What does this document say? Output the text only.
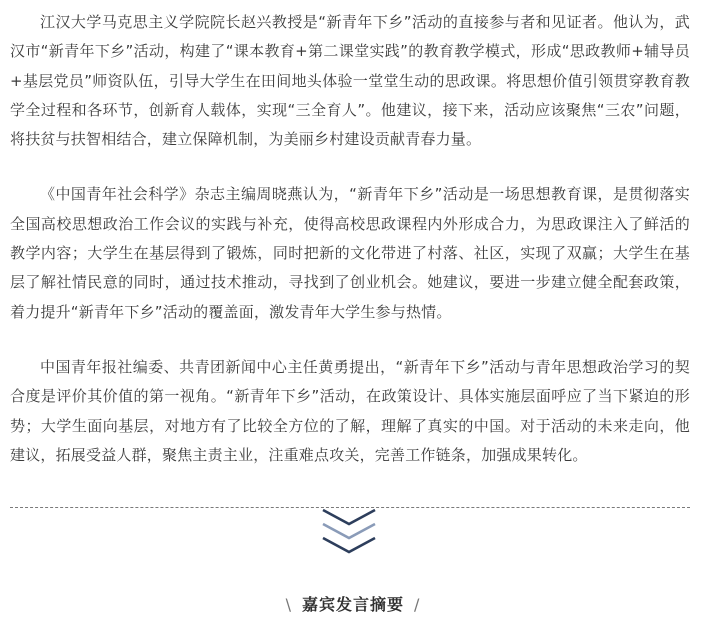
江汉大学马克思主义学院院长赵兴教授是“新青年下乡”活动的直接参与者和见证者。他认为，武汉市“新青年下乡”活动，构建了“课本教育+第二课堂实践”的教育教学模式，形成“思政教师+辅导员+基层党员”师资队伍，引导大学生在田间地头体验一堂堂生动的思政课。将思想价值引领贯穿教育教学全过程和各环节，创新育人载体，实现“三全育人”。他建议，接下来，活动应该聚焦“三农”问题，将扶贫与扶智相结合，建立保障机制，为美丽乡村建设贡献青春力量。

《中国青年社会科学》杂志主编周晓燕认为，“新青年下乡”活动是一场思想教育课，是贯彻落实全国高校思想政治工作会议的实践与补充，使得高校思政课程内外形成合力，为思政课注入了鲜活的教学内容；大学生在基层得到了锻炼，同时把新的文化带进了村落、社区，实现了双赢；大学生在基层了解社情民意的同时，通过技术推动，寻找到了创业机会。她建议，要进一步建立健全配套政策，着力提升“新青年下乡”活动的覆盖面，激发青年大学生参与热情。

中国青年报社编委、共青团新闻中心主任黄勇提出，“新青年下乡”活动与青年思想政治学习的契合度是评价其价值的第一视角。“新青年下乡”活动，在政策设计、具体实施层面呼应了当下紧迫的形势；大学生面向基层，对地方有了比较全方位的了解，理解了真实的中国。对于活动的未来走向，他建议，拓展受益人群，聚焦主责主业，注重难点攻关，完善工作链条，加强成果转化。

\ 嘉宾发言摘要 /
